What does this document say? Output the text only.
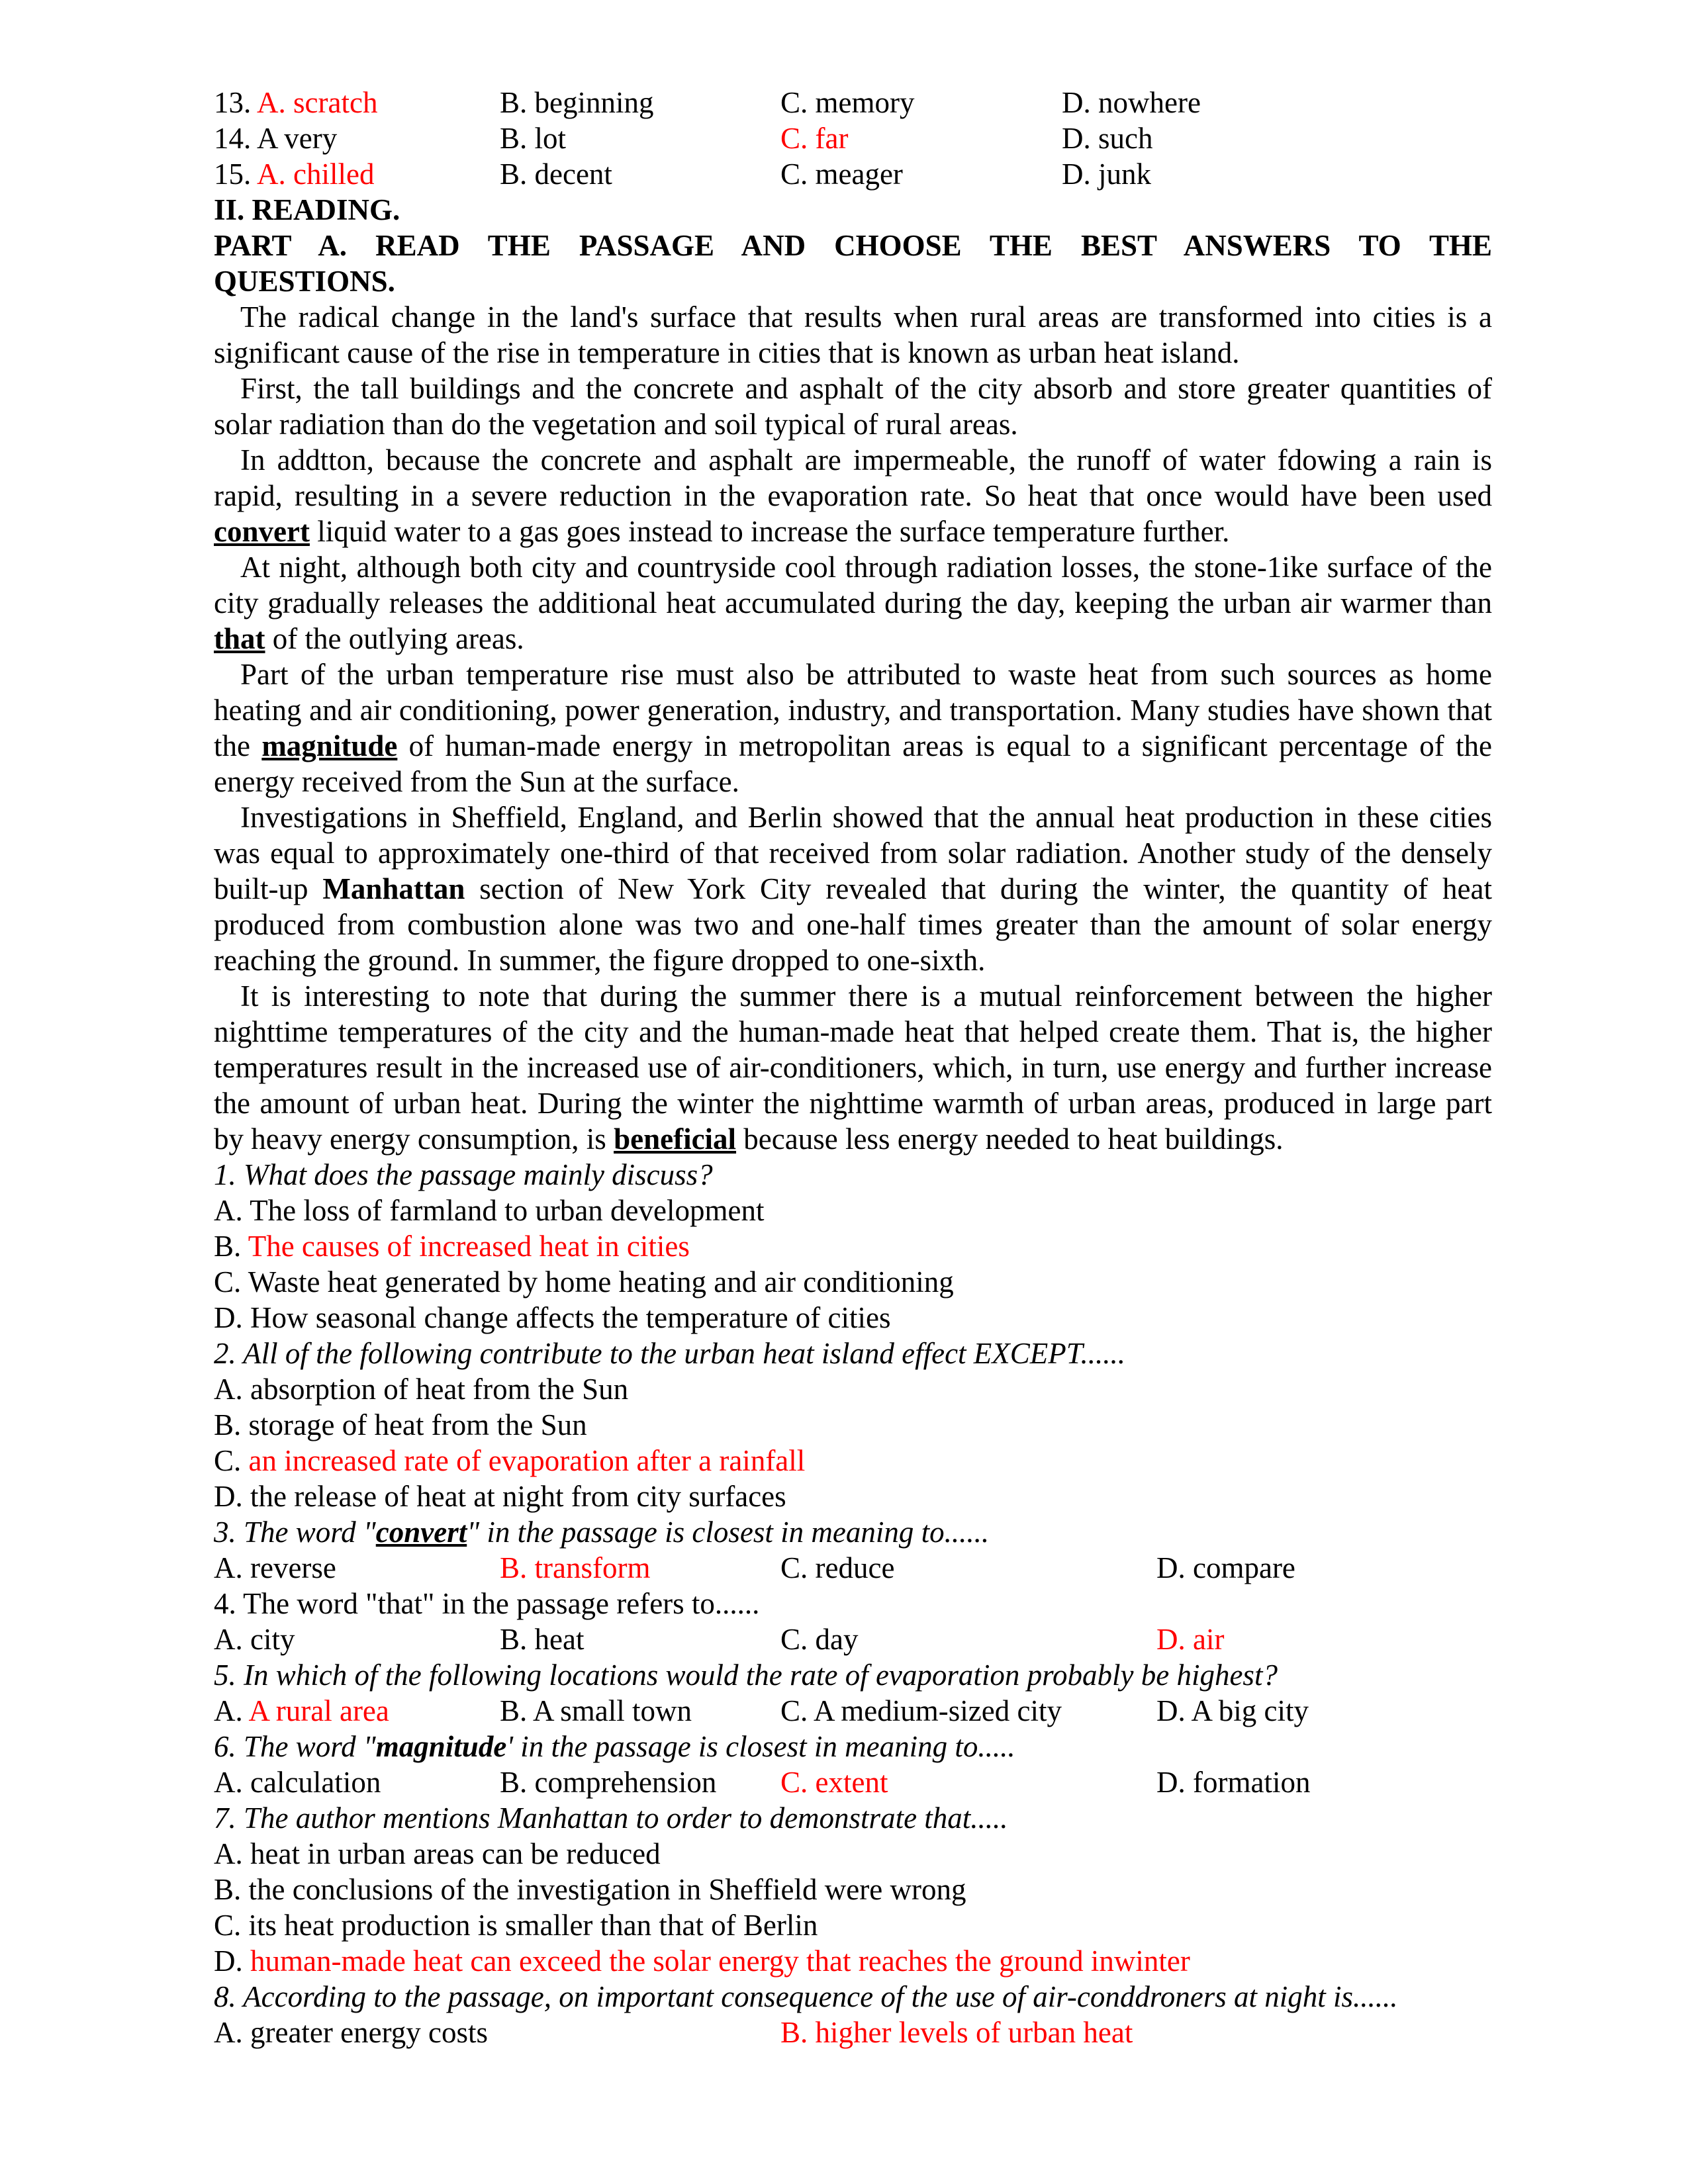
13. A. scratch	B. beginning	C. memory	D. nowhere
14. A very	B. lot	C. far	D. such
15. A. chilled	B. decent	C. meager	D. junk

II. READING.

PART A. READ THE PASSAGE AND CHOOSE THE BEST ANSWERS TO THE QUESTIONS.

The radical change in the land's surface that results when rural areas are transformed into cities is a significant cause of the rise in temperature in cities that is known as urban heat island.

First, the tall buildings and the concrete and asphalt of the city absorb and store greater quantities of solar radiation than do the vegetation and soil typical of rural areas.

In addtton, because the concrete and asphalt are impermeable, the runoff of water fdowing a rain is rapid, resulting in a severe reduction in the evaporation rate. So heat that once would have been used convert liquid water to a gas goes instead to increase the surface temperature further.

At night, although both city and countryside cool through radiation losses, the stone-1ike surface of the city gradually releases the additional heat accumulated during the day, keeping the urban air warmer than that of the outlying areas.

Part of the urban temperature rise must also be attributed to waste heat from such sources as home heating and air conditioning, power generation, industry, and transportation. Many studies have shown that the magnitude of human-made energy in metropolitan areas is equal to a significant percentage of the energy received from the Sun at the surface.

Investigations in Sheffield, England, and Berlin showed that the annual heat production in these cities was equal to approximately one-third of that received from solar radiation. Another study of the densely built-up Manhattan section of New York City revealed that during the winter, the quantity of heat produced from combustion alone was two and one-half times greater than the amount of solar energy reaching the ground. In summer, the figure dropped to one-sixth.

It is interesting to note that during the summer there is a mutual reinforcement between the higher nighttime temperatures of the city and the human-made heat that helped create them. That is, the higher temperatures result in the increased use of air-conditioners, which, in turn, use energy and further increase the amount of urban heat. During the winter the nighttime warmth of urban areas, produced in large part by heavy energy consumption, is beneficial because less energy needed to heat buildings.

1. What does the passage mainly discuss?

A. The loss of farmland to urban development

B. The causes of increased heat in cities

C. Waste heat generated by home heating and air conditioning

D. How seasonal change affects the temperature of cities

2. All of the following contribute to the urban heat island effect EXCEPT......

A. absorption of heat from the Sun

B. storage of heat from the Sun

C. an increased rate of evaporation after a rainfall

D. the release of heat at night from city surfaces

3. The word "convert" in the passage is closest in meaning to......

A. reverse	B. transform	C. reduce	D. compare

4. The word "that" in the passage refers to......

A. city	B. heat	C. day	D. air

5. In which of the following locations would the rate of evaporation probably be highest?

A. A rural area	B. A small town	C. A medium-sized city	D. A big city

6. The word "magnitude' in the passage is closest in meaning to.....

A. calculation	B. comprehension	C. extent	D. formation

7. The author mentions Manhattan to order to demonstrate that.....

A. heat in urban areas can be reduced

B. the conclusions of the investigation in Sheffield were wrong

C. its heat production is smaller than that of Berlin

D. human-made heat can exceed the solar energy that reaches the ground inwinter

8. According to the passage, on important consequence of the use of air-conddroners at night is......

A. greater energy costs	B. higher levels of urban heat
